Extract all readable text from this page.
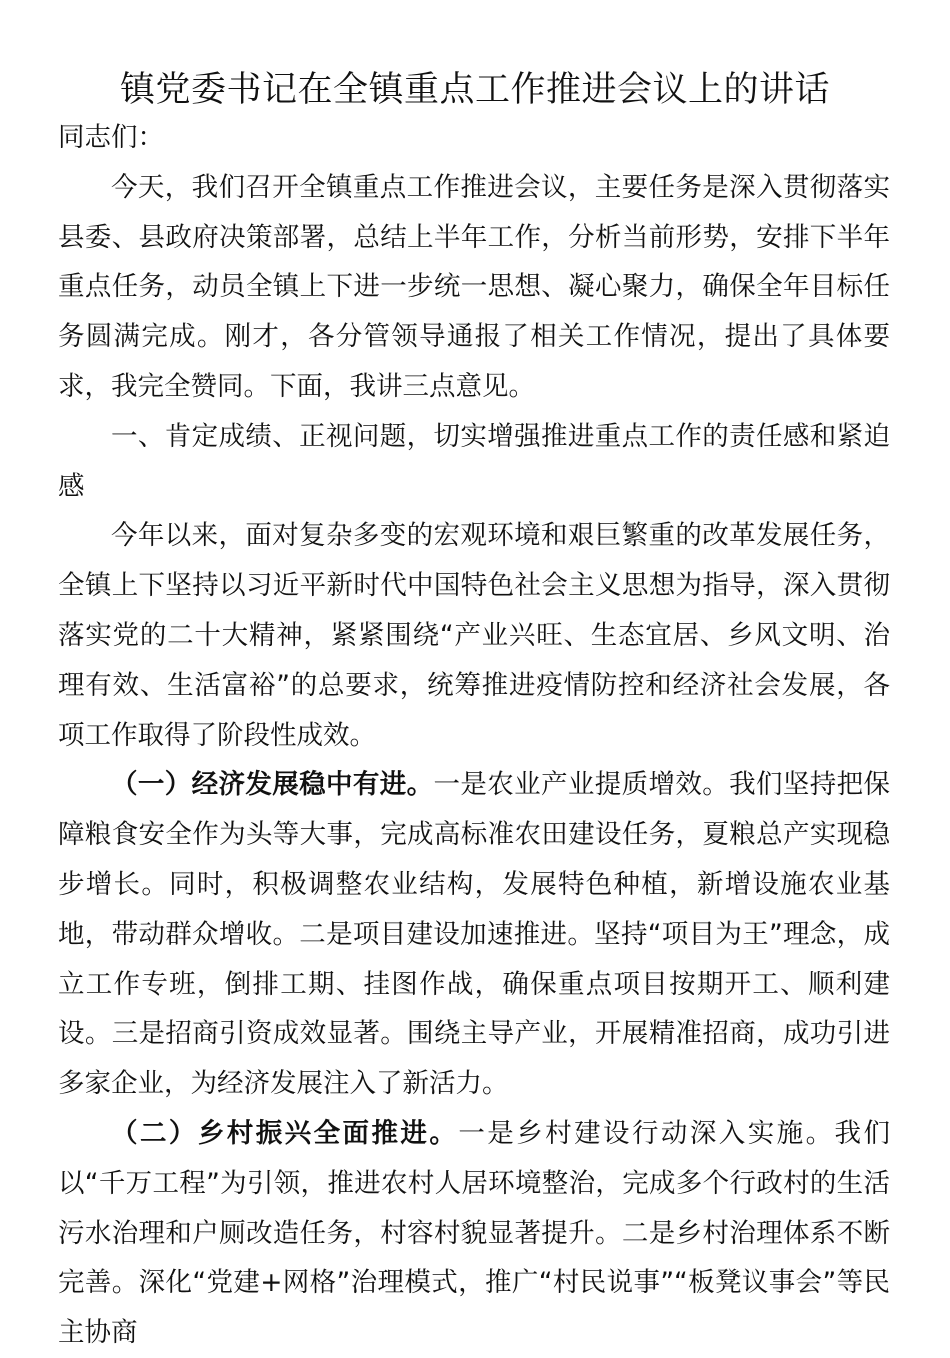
镇党委书记在全镇重点工作推进会议上的讲话

同志们：

今天，我们召开全镇重点工作推进会议，主要任务是深入贯彻落实县委、县政府决策部署，总结上半年工作，分析当前形势，安排下半年重点任务，动员全镇上下进一步统一思想、凝心聚力，确保全年目标任务圆满完成。刚才，各分管领导通报了相关工作情况，提出了具体要求，我完全赞同。下面，我讲三点意见。

一、肯定成绩、正视问题，切实增强推进重点工作的责任感和紧迫感

今年以来，面对复杂多变的宏观环境和艰巨繁重的改革发展任务，全镇上下坚持以习近平新时代中国特色社会主义思想为指导，深入贯彻落实党的二十大精神，紧紧围绕“产业兴旺、生态宜居、乡风文明、治理有效、生活富裕”的总要求，统筹推进疫情防控和经济社会发展，各项工作取得了阶段性成效。

（一）经济发展稳中有进。一是农业产业提质增效。我们坚持把保障粮食安全作为头等大事，完成高标准农田建设任务，夏粮总产实现稳步增长。同时，积极调整农业结构，发展特色种植，新增设施农业基地，带动群众增收。二是项目建设加速推进。坚持“项目为王”理念，成立工作专班，倒排工期、挂图作战，确保重点项目按期开工、顺利建设。三是招商引资成效显著。围绕主导产业，开展精准招商，成功引进多家企业，为经济发展注入了新活力。

（二）乡村振兴全面推进。一是乡村建设行动深入实施。我们以“千万工程”为引领，推进农村人居环境整治，完成多个行政村的生活污水治理和户厕改造任务，村容村貌显著提升。二是乡村治理体系不断完善。深化“党建+网格”治理模式，推广“村民说事”“板凳议事会”等民主协商
